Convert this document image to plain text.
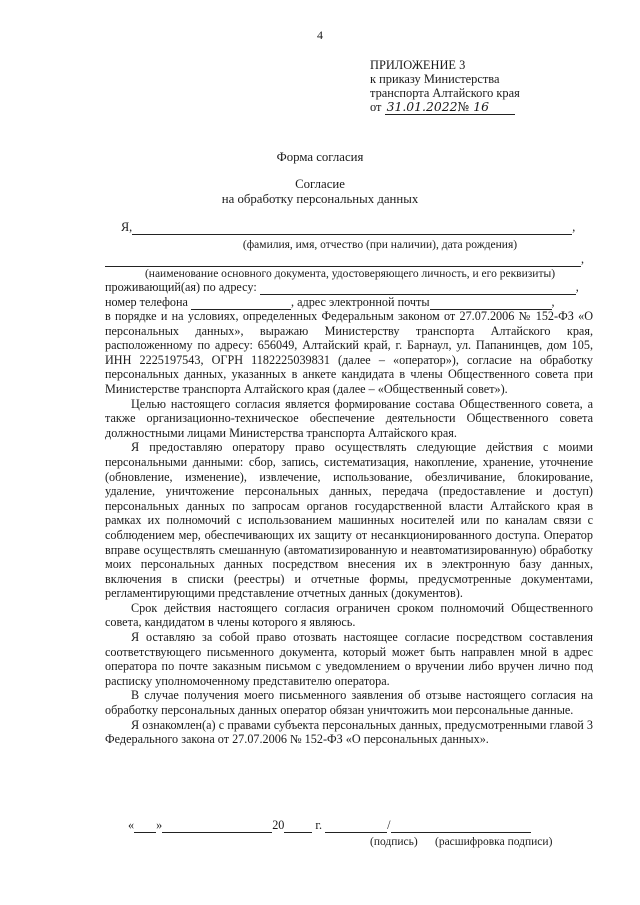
4
ПРИЛОЖЕНИЕ 3
к приказу Министерства
транспорта Алтайского края
от 31.01.2022№ 16
Форма согласия
Согласие
на обработку персональных данных
Я,	,
(фамилия, имя, отчество (при наличии), дата рождения)
,
(наименование основного документа, удостоверяющего личность, и его реквизиты)
проживающий(ая) по адресу:	,
номер телефона	, адрес электронной почты	,

в порядке и на условиях, определенных Федеральным законом от 27.07.2006 № 152-ФЗ «О персональных данных», выражаю Министерству транспорта Алтайского края, расположенному по адресу: 656049, Алтайский край, г. Барнаул, ул. Папанинцев, дом 105, ИНН 2225197543, ОГРН 1182225039831 (далее – «оператор»), согласие на обработку персональных данных, указанных в анкете кандидата в члены Общественного совета при Министерстве транспорта Алтайского края (далее – «Общественный совет»).

Целью настоящего согласия является формирование состава Общественного совета, а также организационно-техническое обеспечение деятельности Общественного совета должностными лицами Министерства транспорта Алтайского края.

Я предоставляю оператору право осуществлять следующие действия с моими персональными данными: сбор, запись, систематизация, накопление, хранение, уточнение (обновление, изменение), извлечение, использование, обезличивание, блокирование, удаление, уничтожение персональных данных, передача (предоставление и доступ) персональных данных по запросам органов государственной власти Алтайского края в рамках их полномочий с использованием машинных носителей или по каналам связи с соблюдением мер, обеспечивающих их защиту от несанкционированного доступа. Оператор вправе осуществлять смешанную (автоматизированную и неавтоматизированную) обработку моих персональных данных посредством внесения их в электронную базу данных, включения в списки (реестры) и отчетные формы, предусмотренные документами, регламентирующими представление отчетных данных (документов).

Срок действия настоящего согласия ограничен сроком полномочий Общественного совета, кандидатом в члены которого я являюсь.

Я оставляю за собой право отозвать настоящее согласие посредством составления соответствующего письменного документа, который может быть направлен мной в адрес оператора по почте заказным письмом с уведомлением о вручении либо вручен лично под расписку уполномоченному представителю оператора.

В случае получения моего письменного заявления об отзыве настоящего согласия на обработку персональных данных оператор обязан уничтожить мои персональные данные.

Я ознакомлен(а) с правами субъекта персональных данных, предусмотренными главой 3 Федерального закона от 27.07.2006 № 152-ФЗ «О персональных данных».

« »	20	г.	/
(подпись) (расшифровка подписи)
